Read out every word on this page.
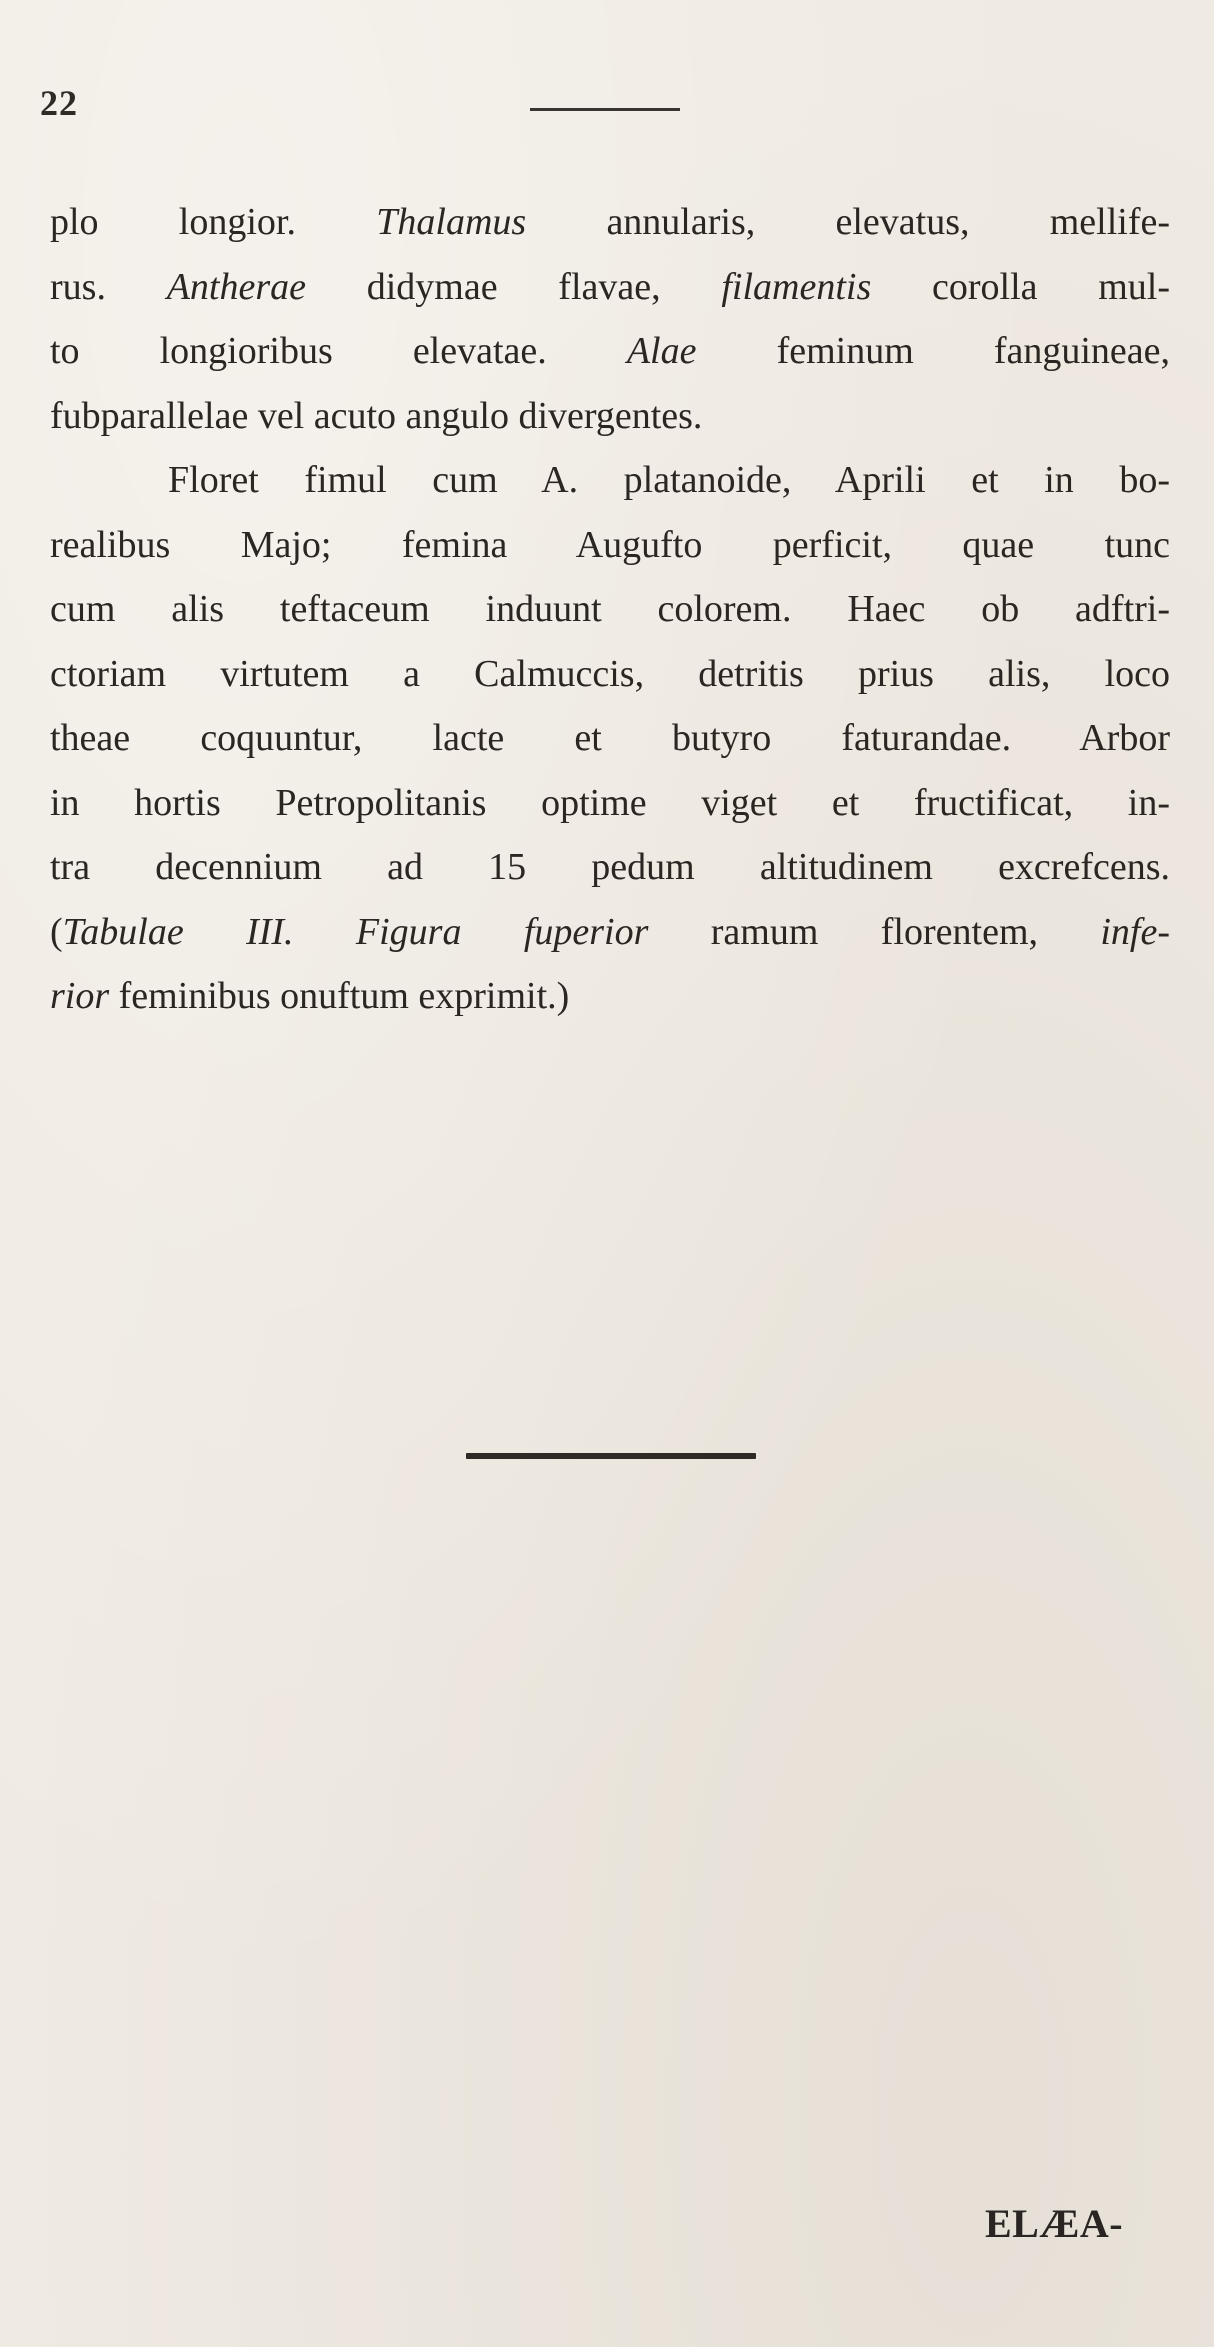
22
plo longior. Thalamus annularis, elevatus, mellife-
rus. Antherae didymae flavae, filamentis corolla mul-
to longioribus elevatae. Alae feminum fanguineae,
fubparallelae vel acuto angulo divergentes.
Floret fimul cum A. platanoide, Aprili et in bo-
realibus Majo; femina Augufto perficit, quae tunc
cum alis teftaceum induunt colorem. Haec ob adftri-
ctoriam virtutem a Calmuccis, detritis prius alis, loco
theae coquuntur, lacte et butyro faturandae. Arbor
in hortis Petropolitanis optime viget et fructificat, in-
tra decennium ad 15 pedum altitudinem excrefcens.
(Tabulae III. Figura fuperior ramum florentem, infe-
rior feminibus onuftum exprimit.)
ELÆA-
